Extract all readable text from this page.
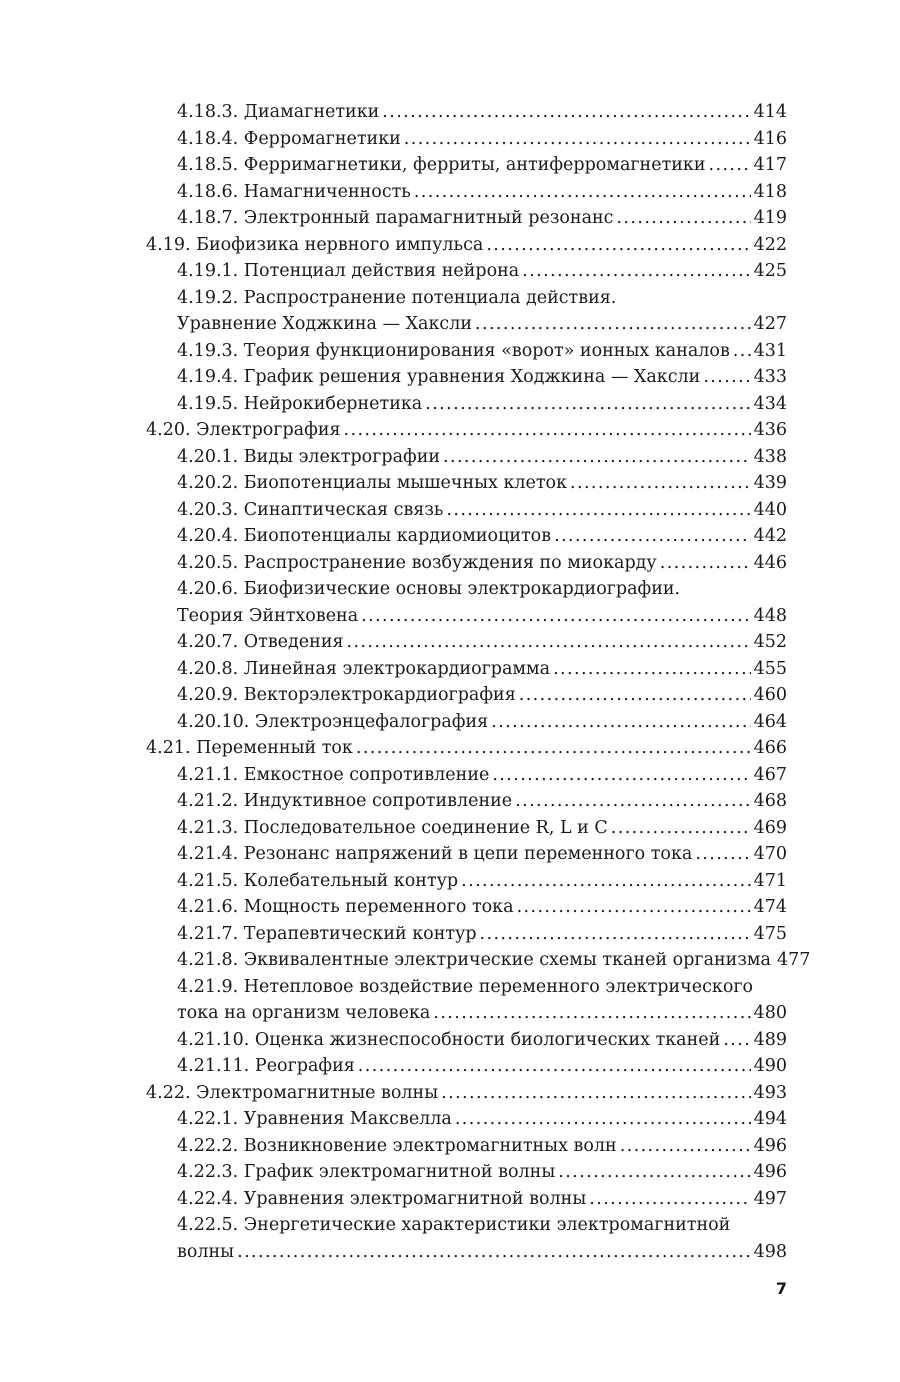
4.18.3. Диамагнетики .....	414
4.18.4. Ферромагнетики .....	416
4.18.5. Ферримагнетики, ферриты, антиферромагнетики .....	417
4.18.6. Намагниченность .....	418
4.18.7. Электронный парамагнитный резонанс .....	419
4.19. Биофизика нервного импульса .....	422
4.19.1. Потенциал действия нейрона .....	425
4.19.2. Распространение потенциала действия.
Уравнение Ходжкина — Хаксли .....	427
4.19.3. Теория функционирования «ворот» ионных каналов ..... 431
4.19.4. График решения уравнения Ходжкина — Хаксли .....	433
4.19.5. Нейрокибернетика .....	434
4.20. Электрография .....	436
4.20.1. Виды электрографии .....	438
4.20.2. Биопотенциалы мышечных клеток .....	439
4.20.3. Синаптическая связь .....	440
4.20.4. Биопотенциалы кардиомиоцитов .....	442
4.20.5. Распространение возбуждения по миокарду .....	446
4.20.6. Биофизические основы электрокардиографии.
Теория Эйнтховена .....	448
4.20.7. Отведения .....	452
4.20.8. Линейная электрокардиограмма .....	455
4.20.9. Векторэлектрокардиография .....	460
4.20.10. Электроэнцефалография .....	464
4.21. Переменный ток .....	466
4.21.1. Емкостное сопротивление .....	467
4.21.2. Индуктивное сопротивление .....	468
4.21.3. Последовательное соединение R, L и C .....	469
4.21.4. Резонанс напряжений в цепи переменного тока .....	470
4.21.5. Колебательный контур .....	471
4.21.6. Мощность переменного тока .....	474
4.21.7. Терапевтический контур .....	475
4.21.8. Эквивалентные электрические схемы тканей организма 477
4.21.9. Нетепловое воздействие переменного электрического
тока на организм человека .....	480
4.21.10. Оценка жизнеспособности биологических тканей ..... 489
4.21.11. Реография .....	490
4.22. Электромагнитные волны .....	493
4.22.1. Уравнения Максвелла .....	494
4.22.2. Возникновение электромагнитных волн .....	496
4.22.3. График электромагнитной волны .....	496
4.22.4. Уравнения электромагнитной волны .....	497
4.22.5. Энергетические характеристики электромагнитной
волны .....	498
7
